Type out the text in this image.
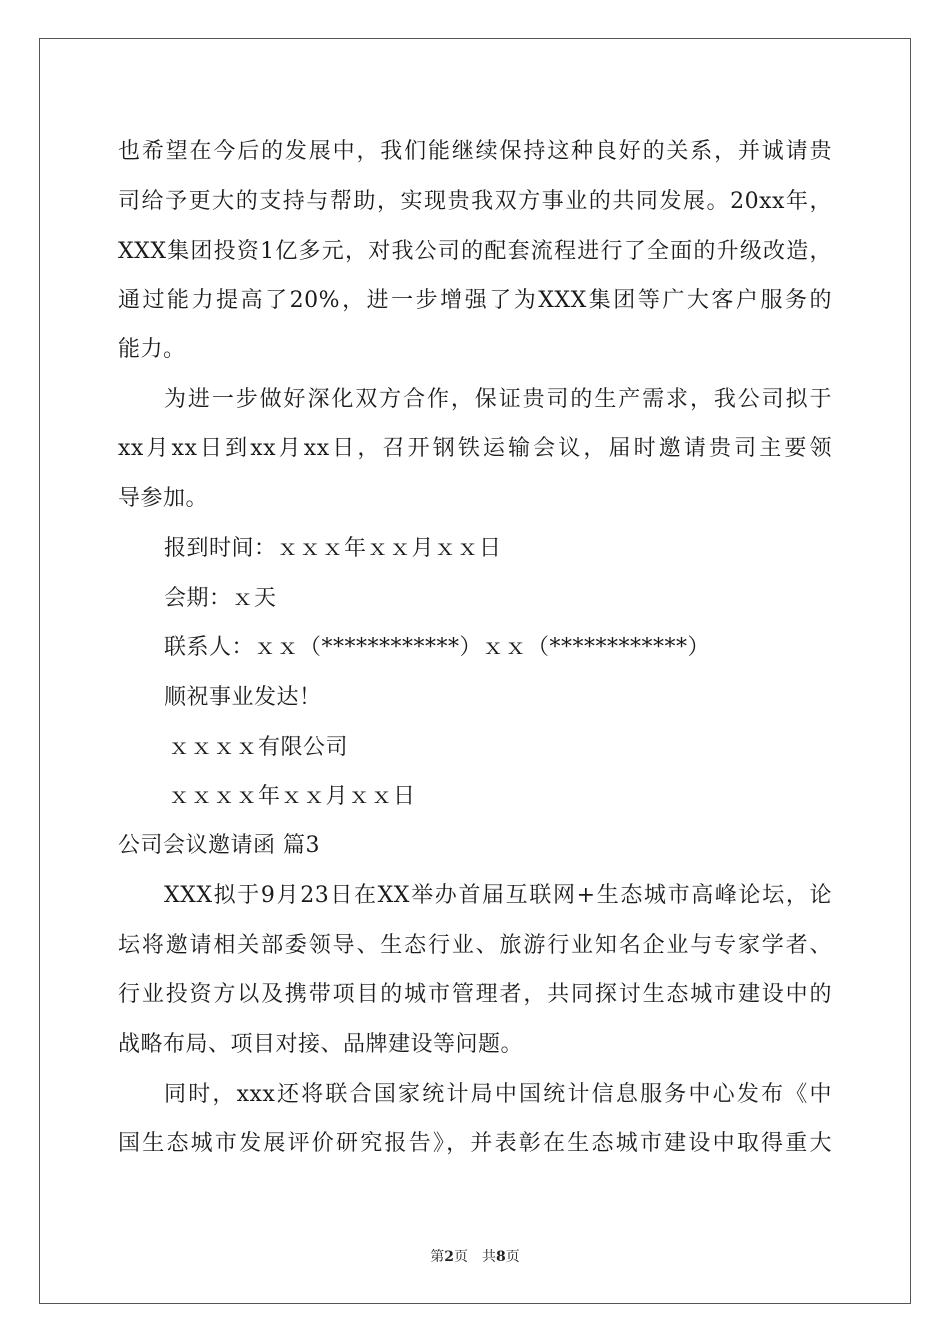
也希望在今后的发展中，我们能继续保持这种良好的关系，并诚请贵
司给予更大的支持与帮助，实现贵我双方事业的共同发展。20xx年，
XXX集团投资1亿多元，对我公司的配套流程进行了全面的升级改造，
通过能力提高了20%，进一步增强了为XXX集团等广大客户服务的
能力。
为进一步做好深化双方合作，保证贵司的生产需求，我公司拟于
xx月xx日到xx月xx日，召开钢铁运输会议，届时邀请贵司主要领
导参加。
报到时间：ｘｘｘ年ｘｘ月ｘｘ日
会期：ｘ天
联系人：ｘｘ（************）ｘｘ（************）
顺祝事业发达！
ｘｘｘｘ有限公司
ｘｘｘｘ年ｘｘ月ｘｘ日
公司会议邀请函 篇3
XXX拟于9月23日在XX举办首届互联网+生态城市高峰论坛，论
坛将邀请相关部委领导、生态行业、旅游行业知名企业与专家学者、
行业投资方以及携带项目的城市管理者，共同探讨生态城市建设中的
战略布局、项目对接、品牌建设等问题。
同时，xxx还将联合国家统计局中国统计信息服务中心发布《中
国生态城市发展评价研究报告》，并表彰在生态城市建设中取得重大
第2页　共8页
